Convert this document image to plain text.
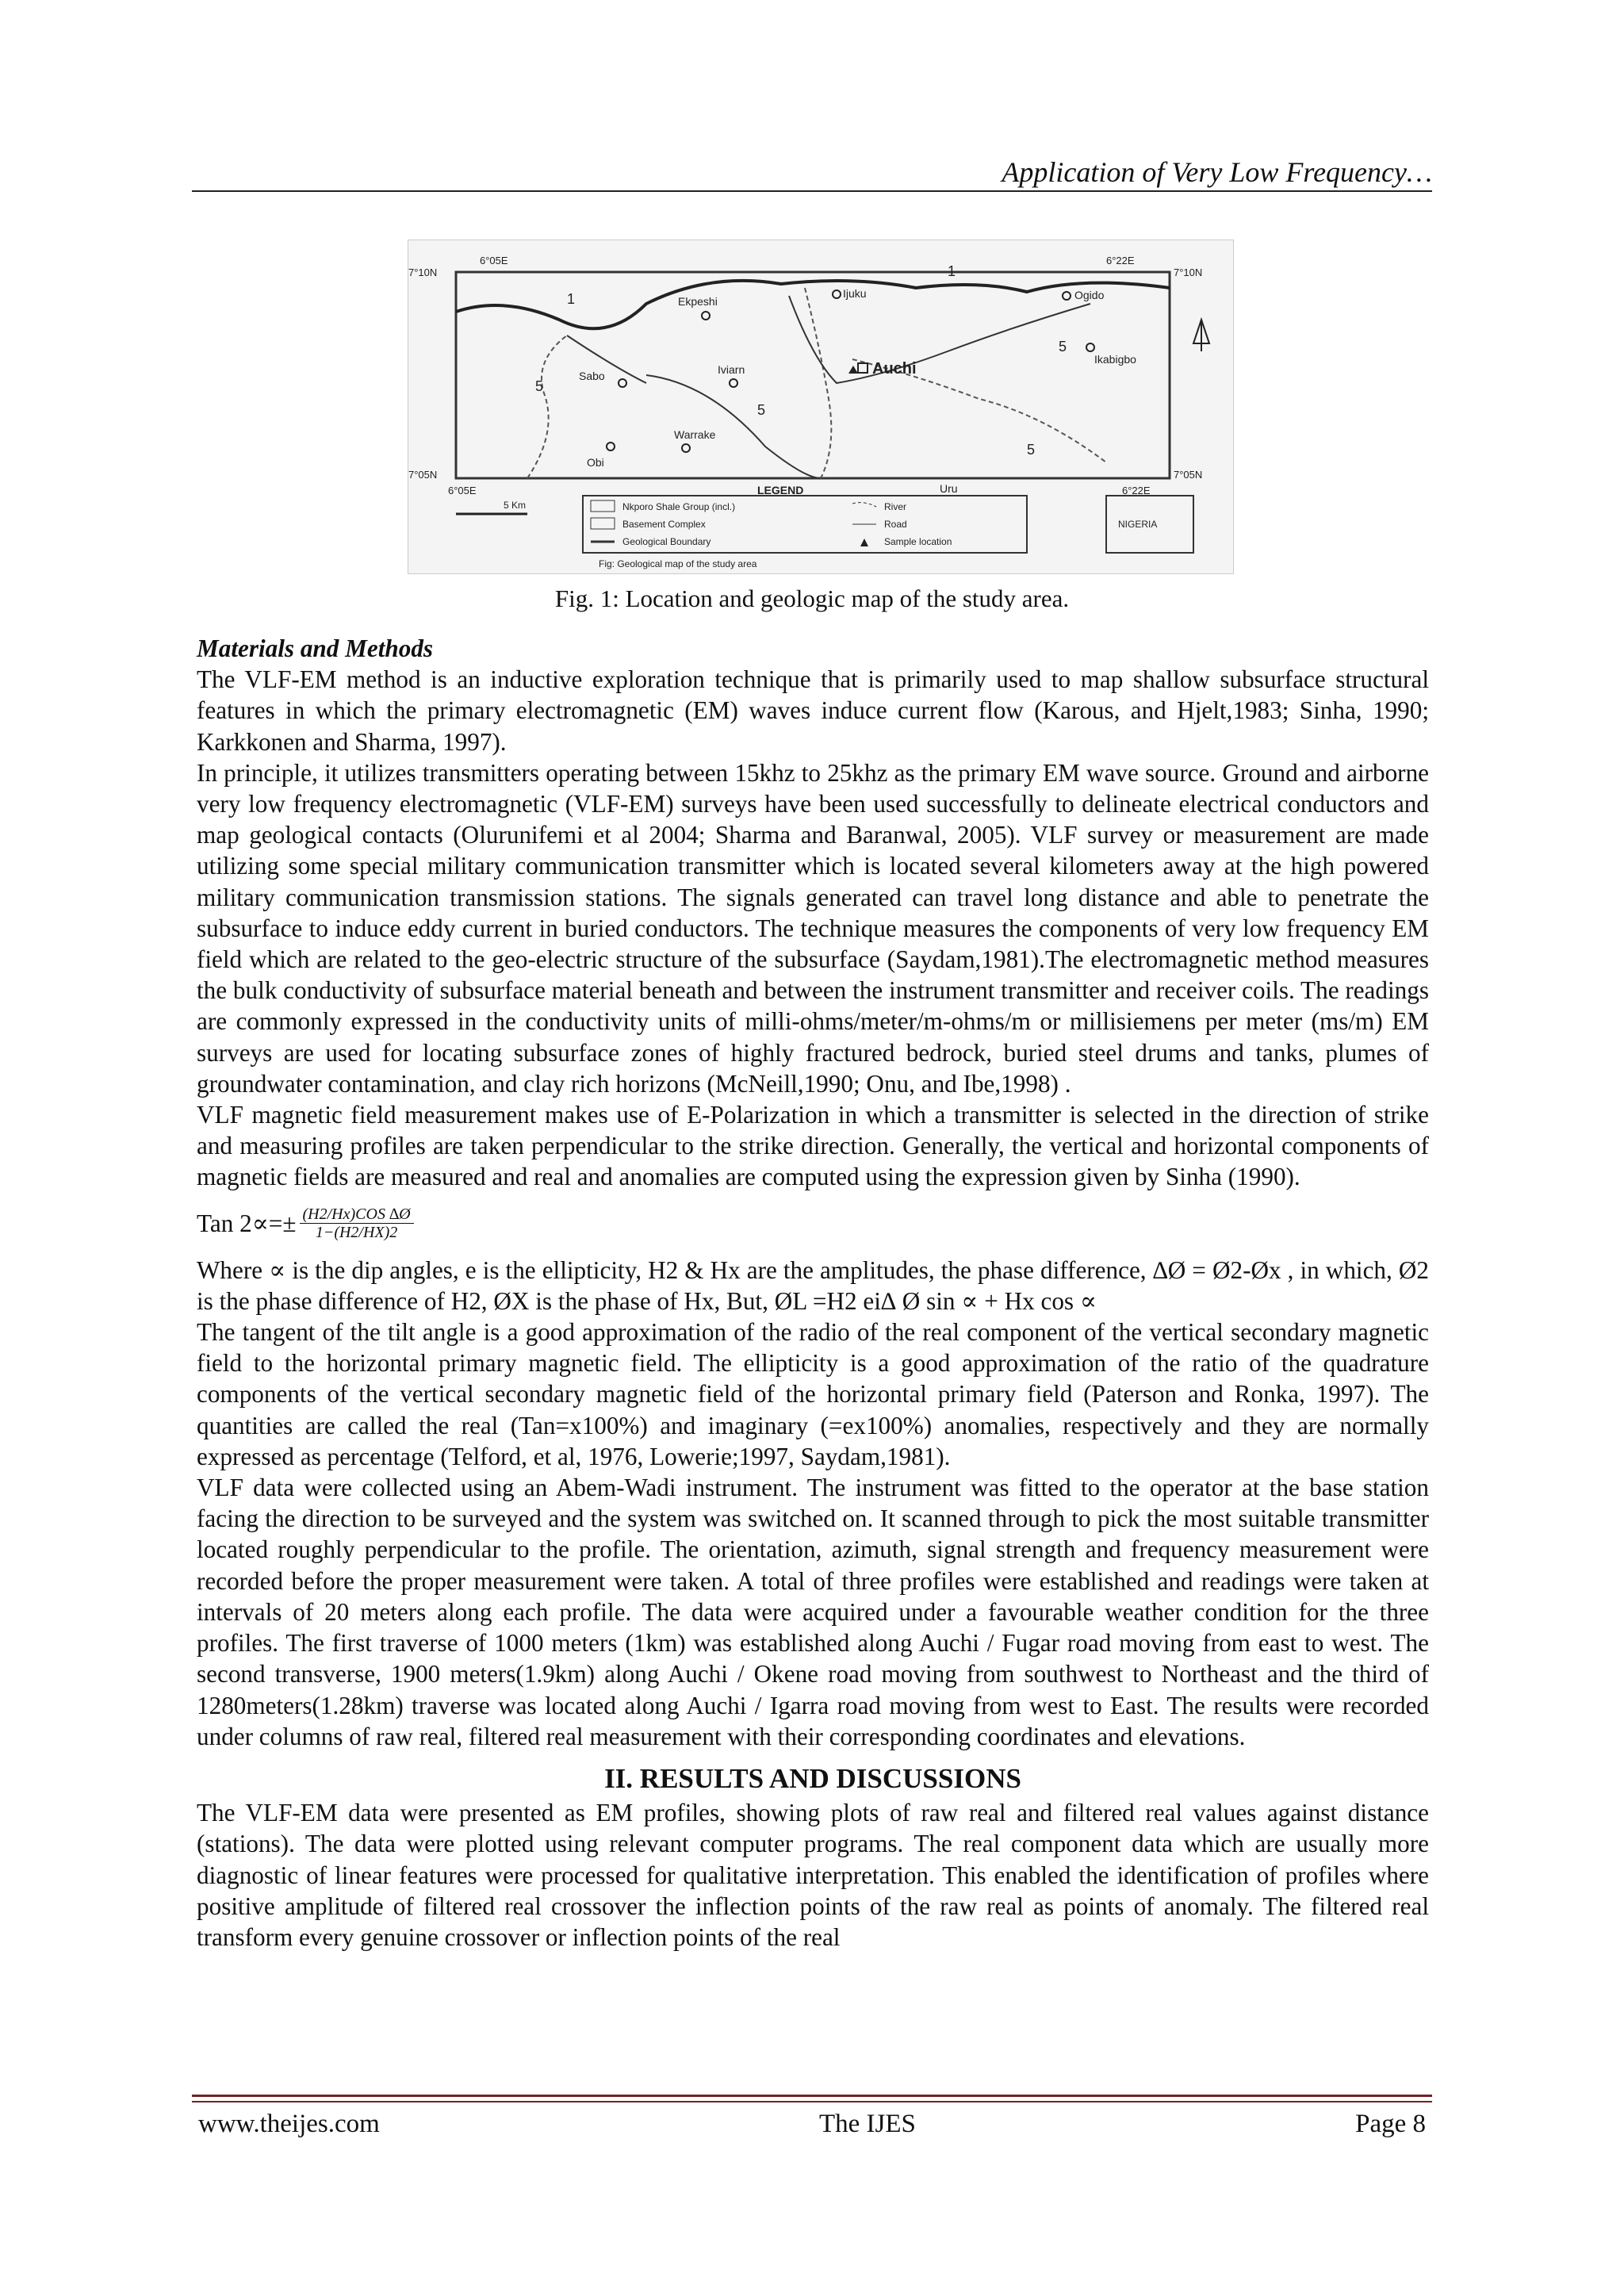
Application of Very Low Frequency…
1
1
5
5
5
5
Ekpeshi
Ijuku	Ogido
Sabo	Iviarn	Auchi
Ikabigbo
Obi
Warrake
Uru
7°10N
6°05E	6°22E
7°10N
7°05N
6°05E	6°22E
7°05N
LEGEND
Nkporo Shale Group (incl.)
Basement Complex
Geological Boundary
River
Road
Sample location
NIGERIA
5 Km
Fig: Geological map of the study area
Fig. 1: Location and geologic map of the study area.
Materials and Methods

The VLF-EM method is an inductive exploration technique that is primarily used to map shallow subsurface structural features in which the primary electromagnetic (EM) waves induce current flow (Karous, and Hjelt,1983; Sinha, 1990; Karkkonen and Sharma, 1997).

In principle, it utilizes transmitters operating between 15khz to 25khz as the primary EM wave source. Ground and airborne very low frequency electromagnetic (VLF-EM) surveys have been used successfully to delineate electrical conductors and map geological contacts (Olurunifemi et al 2004; Sharma and Baranwal, 2005). VLF survey or measurement are made utilizing some special military communication transmitter which is located several kilometers away at the high powered military communication transmission stations. The signals generated can travel long distance and able to penetrate the subsurface to induce eddy current in buried conductors. The technique measures the components of very low frequency EM field which are related to the geo-electric structure of the subsurface (Saydam,1981).The electromagnetic method measures the bulk conductivity of subsurface material beneath and between the instrument transmitter and receiver coils. The readings are commonly expressed in the conductivity units of milli-ohms/meter/m-ohms/m or millisiemens per meter (ms/m) EM surveys are used for locating subsurface zones of highly fractured bedrock, buried steel drums and tanks, plumes of groundwater contamination, and clay rich horizons (McNeill,1990; Onu, and Ibe,1998) .

VLF magnetic field measurement makes use of E-Polarization in which a transmitter is selected in the direction of strike and measuring profiles are taken perpendicular to the strike direction. Generally, the vertical and horizontal components of magnetic fields are measured and real and anomalies are computed using the expression given by Sinha (1990).

Tan $2\propto=\pm \frac{\text{(H2/Hx)COS ∆Ø}}{1-(H2/HX)2}$

Where ∝ is the dip angles, e is the ellipticity, H2 & Hx are the amplitudes, the phase difference, ∆Ø = Ø2-Øx , in which, Ø2 is the phase difference of H2, ØX is the phase of Hx, But, ØL =H2 ei∆ Ø sin ∝ + Hx cos ∝

The tangent of the tilt angle is a good approximation of the radio of the real component of the vertical secondary magnetic field to the horizontal primary magnetic field. The ellipticity is a good approximation of the ratio of the quadrature components of the vertical secondary magnetic field of the horizontal primary field (Paterson and Ronka, 1997). The quantities are called the real (Tan=x100%) and imaginary (=ex100%) anomalies, respectively and they are normally expressed as percentage (Telford, et al, 1976, Lowerie;1997, Saydam,1981).

VLF data were collected using an Abem-Wadi instrument. The instrument was fitted to the operator at the base station facing the direction to be surveyed and the system was switched on. It scanned through to pick the most suitable transmitter located roughly perpendicular to the profile. The orientation, azimuth, signal strength and frequency measurement were recorded before the proper measurement were taken. A total of three profiles were established and readings were taken at intervals of 20 meters along each profile. The data were acquired under a favourable weather condition for the three profiles. The first traverse of 1000 meters (1km) was established along Auchi / Fugar road moving from east to west. The second transverse, 1900 meters(1.9km) along Auchi / Okene road moving from southwest to Northeast and the third of 1280meters(1.28km) traverse was located along Auchi / Igarra road moving from west to East. The results were recorded under columns of raw real, filtered real measurement with their corresponding coordinates and elevations.

II. RESULTS AND DISCUSSIONS

The VLF-EM data were presented as EM profiles, showing plots of raw real and filtered real values against distance (stations). The data were plotted using relevant computer programs. The real component data which are usually more diagnostic of linear features were processed for qualitative interpretation. This enabled the identification of profiles where positive amplitude of filtered real crossover the inflection points of the raw real as points of anomaly. The filtered real transform every genuine crossover or inflection points of the real

www.theijes.com	The IJES	Page 8
